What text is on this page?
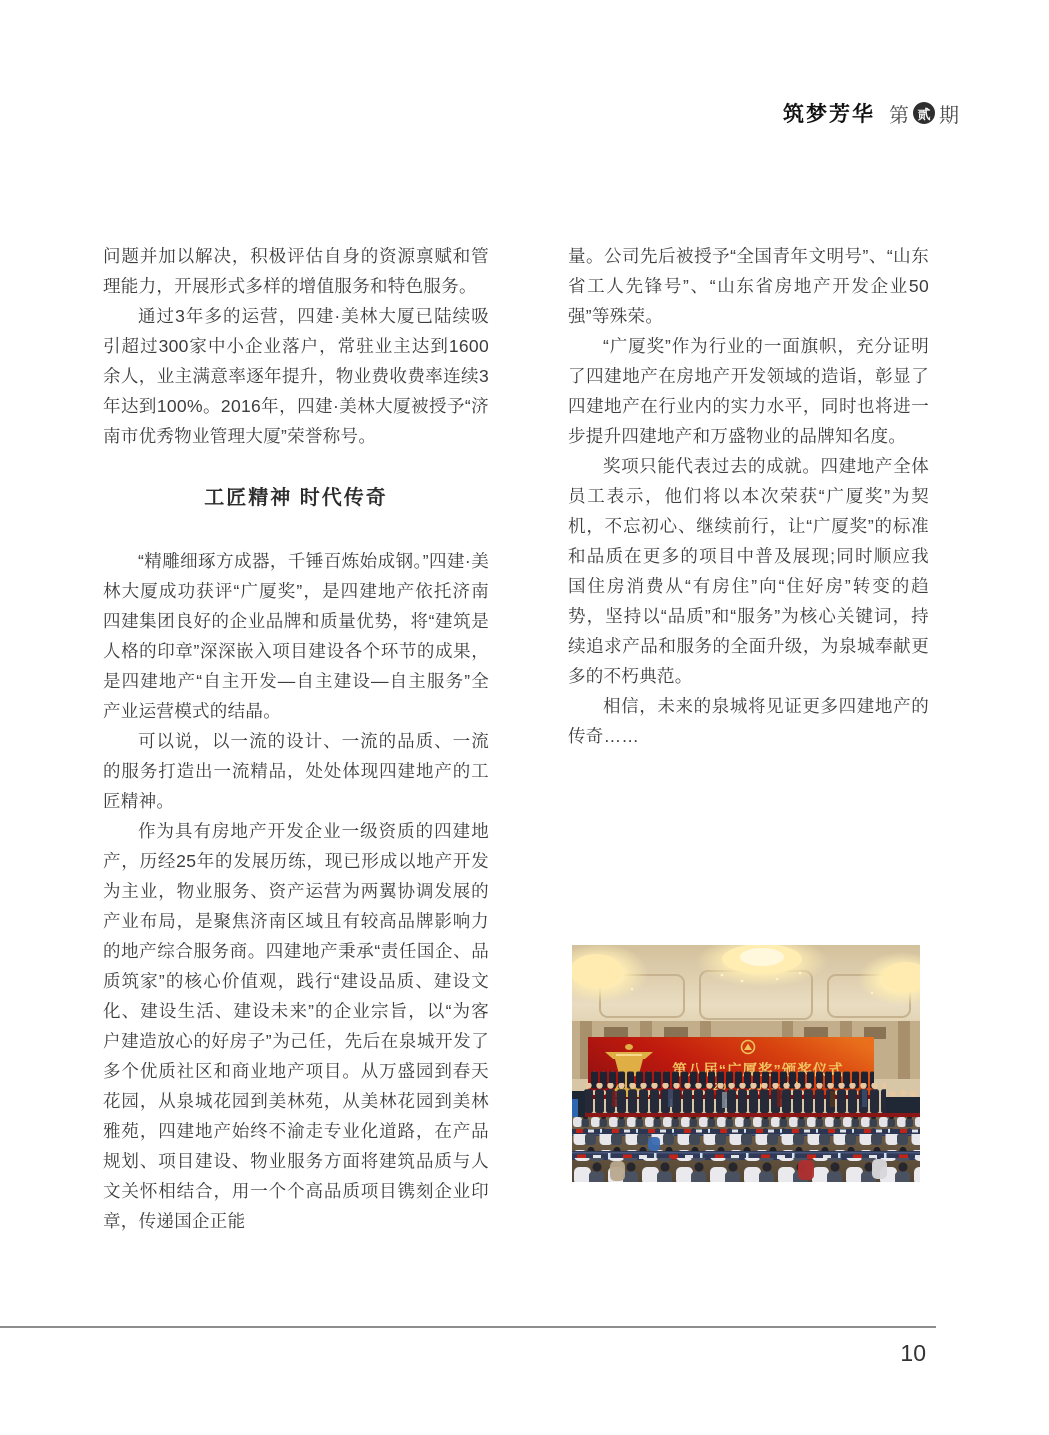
筑梦芳华 第 贰 期

问题并加以解决，积极评估自身的资源禀赋和管理能力，开展形式多样的增值服务和特色服务。

通过3年多的运营，四建·美林大厦已陆续吸引超过300家中小企业落户，常驻业主达到1600余人，业主满意率逐年提升，物业费收费率连续3年达到100%。2016年，四建·美林大厦被授予“济南市优秀物业管理大厦”荣誉称号。

工匠精神 时代传奇

“精雕细琢方成器，千锤百炼始成钢。”四建·美林大厦成功获评“广厦奖”，是四建地产依托济南四建集团良好的企业品牌和质量优势，将“建筑是人格的印章”深深嵌入项目建设各个环节的成果，是四建地产“自主开发—自主建设—自主服务”全产业运营模式的结晶。

可以说，以一流的设计、一流的品质、一流的服务打造出一流精品，处处体现四建地产的工匠精神。

作为具有房地产开发企业一级资质的四建地产，历经25年的发展历练，现已形成以地产开发为主业，物业服务、资产运营为两翼协调发展的产业布局，是聚焦济南区域且有较高品牌影响力的地产综合服务商。四建地产秉承“责任国企、品质筑家”的核心价值观，践行“建设品质、建设文化、建设生活、建设未来”的企业宗旨，以“为客户建造放心的好房子”为己任，先后在泉城开发了多个优质社区和商业地产项目。从万盛园到春天花园，从泉城花园到美林苑，从美林花园到美林雅苑，四建地产始终不渝走专业化道路，在产品规划、项目建设、物业服务方面将建筑品质与人文关怀相结合，用一个个高品质项目镌刻企业印章，传递国企正能

量。公司先后被授予“全国青年文明号”、“山东省工人先锋号”、“山东省房地产开发企业50强”等殊荣。

“广厦奖”作为行业的一面旗帜，充分证明了四建地产在房地产开发领域的造诣，彰显了四建地产在行业内的实力水平，同时也将进一步提升四建地产和万盛物业的品牌知名度。

奖项只能代表过去的成就。四建地产全体员工表示，他们将以本次荣获“广厦奖”为契机，不忘初心、继续前行，让“广厦奖”的标准和品质在更多的项目中普及展现;同时顺应我国住房消费从“有房住”向“住好房”转变的趋势，坚持以“品质”和“服务”为核心关键词，持续追求产品和服务的全面升级，为泉城奉献更多的不朽典范。

相信，未来的泉城将见证更多四建地产的传奇……

10
